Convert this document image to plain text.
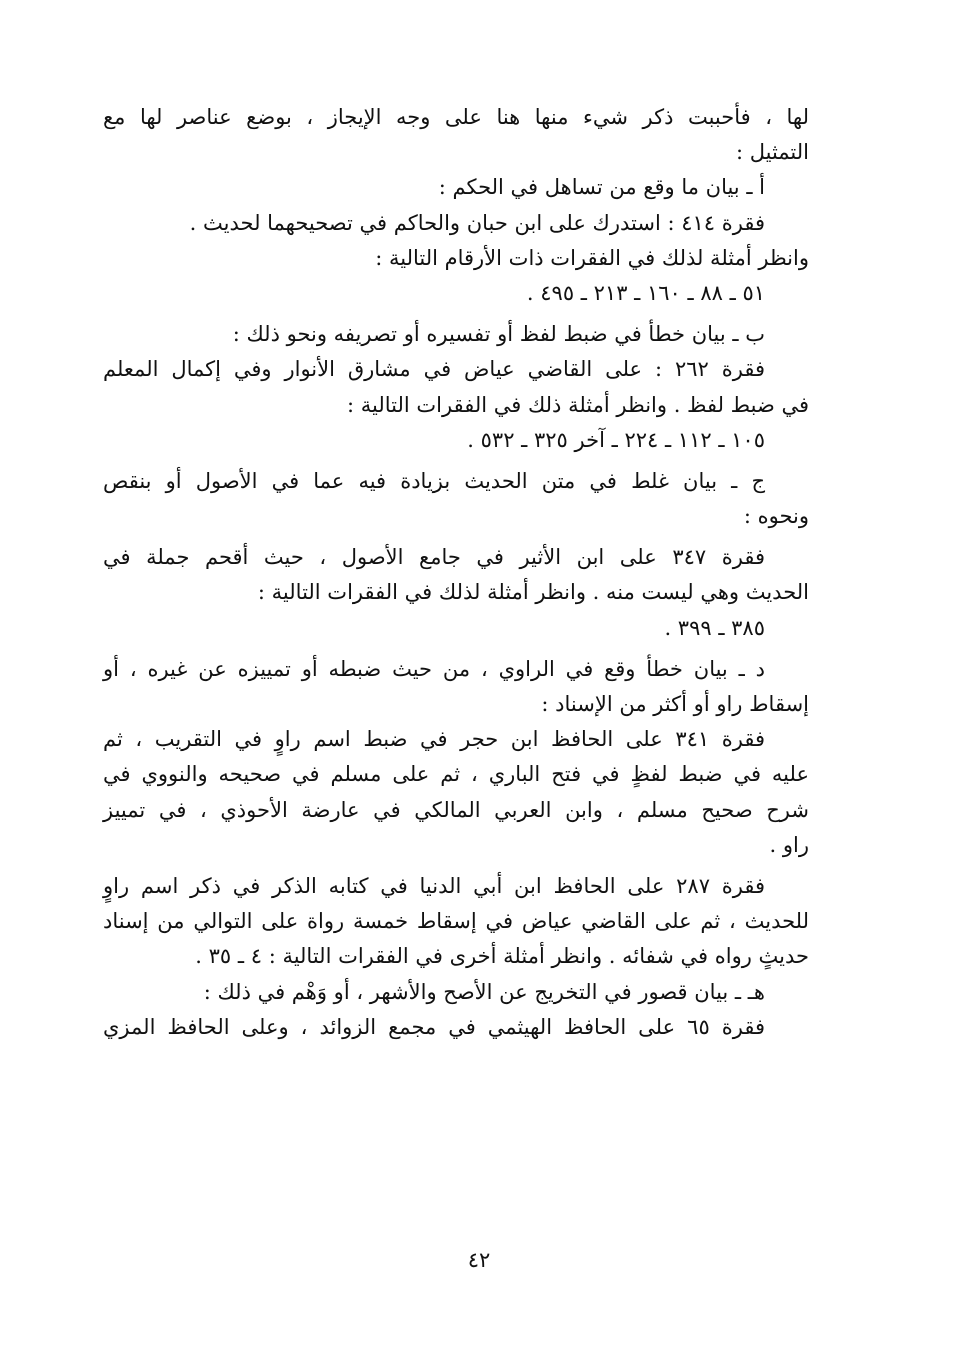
لها ، فأحببت ذكر شيء منها هنا على وجه الإيجاز ، بوضع عناصر لها مع
التمثيل :
أ ـ بيان ما وقع من تساهل في الحكم :
فقرة ٤١٤ : استدرك على ابن حبان والحاكم في تصحيحهما لحديث .
وانظر أمثلة لذلك في الفقرات ذات الأرقام التالية :
٥١ ـ ٨٨ ـ ١٦٠ ـ ٢١٣ ـ ٤٩٥ .
ب ـ بيان خطأ في ضبط لفظ أو تفسيره أو تصريفه ونحو ذلك :
فقرة ٢٦٢ : على القاضي عياض في مشارق الأنوار وفي إكمال المعلم
في ضبط لفظ . وانظر أمثلة ذلك في الفقرات التالية :
١٠٥ ـ ١١٢ ـ ٢٢٤ ـ آخر ٣٢٥ ـ ٥٣٢ .
ج ـ بيان غلط في متن الحديث بزيادة فيه عما في الأصول أو بنقص
ونحوه :
فقرة ٣٤٧ على ابن الأثير في جامع الأصول ، حيث أقحم جملة في
الحديث وهي ليست منه . وانظر أمثلة لذلك في الفقرات التالية :
٣٨٥ ـ ٣٩٩ .
د ـ بيان خطأ وقع في الراوي ، من حيث ضبطه أو تمييزه عن غيره ، أو
إسقاط راو أو أكثر من الإسناد :
فقرة ٣٤١ على الحافظ ابن حجر في ضبط اسم راوٍ في التقريب ، ثم
عليه في ضبط لفظٍ في فتح الباري ، ثم على مسلم في صحيحه والنووي في
شرح صحيح مسلم ، وابن العربي المالكي في عارضة الأحوذي ، في تمييز
راو .
فقرة ٢٨٧ على الحافظ ابن أبي الدنيا في كتابه الذكر في ذكر اسم راوٍ
للحديث ، ثم على القاضي عياض في إسقاط خمسة رواة على التوالي من إسناد
حديثٍ رواه في شفائه . وانظر أمثلة أخرى في الفقرات التالية : ٤ ـ ٣٥ .
هـ ـ بيان قصور في التخريج عن الأصح والأشهر ، أو وَهْم في ذلك :
فقرة ٦٥ على الحافظ الهيثمي في مجمع الزوائد ، وعلى الحافظ المزي
٤٢
